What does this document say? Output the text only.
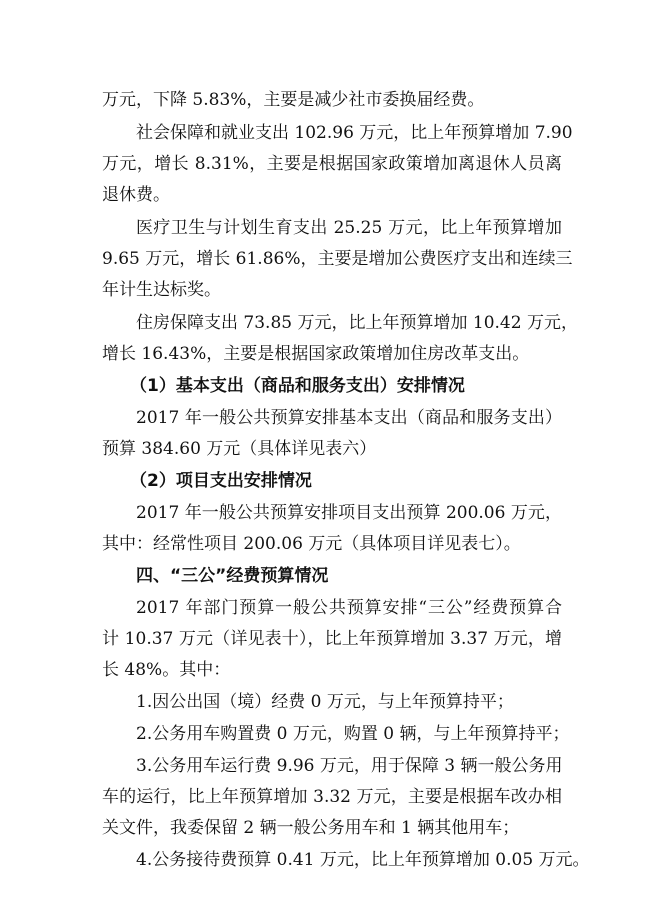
万元，下降 5.83%，主要是减少社市委换届经费。
社会保障和就业支出 102.96 万元，比上年预算增加 7.90
万元，增长 8.31%，主要是根据国家政策增加离退休人员离
退休费。
医疗卫生与计划生育支出 25.25 万元，比上年预算增加
9.65 万元，增长 61.86%，主要是增加公费医疗支出和连续三
年计生达标奖。
住房保障支出 73.85 万元，比上年预算增加 10.42 万元，
增长 16.43%，主要是根据国家政策增加住房改革支出。
（1）基本支出（商品和服务支出）安排情况
2017 年一般公共预算安排基本支出（商品和服务支出）
预算 384.60 万元（具体详见表六）
（2）项目支出安排情况
2017 年一般公共预算安排项目支出预算 200.06 万元，
其中：经常性项目 200.06 万元（具体项目详见表七）。
四、“三公”经费预算情况
2017 年部门预算一般公共预算安排“三公”经费预算合
计 10.37 万元（详见表十），比上年预算增加 3.37 万元，增
长 48%。其中：
1.因公出国（境）经费 0 万元，与上年预算持平；
2.公务用车购置费 0 万元，购置 0 辆，与上年预算持平；
3.公务用车运行费 9.96 万元，用于保障 3 辆一般公务用
车的运行，比上年预算增加 3.32 万元，主要是根据车改办相
关文件，我委保留 2 辆一般公务用车和 1 辆其他用车；
4.公务接待费预算 0.41 万元，比上年预算增加 0.05 万元。
